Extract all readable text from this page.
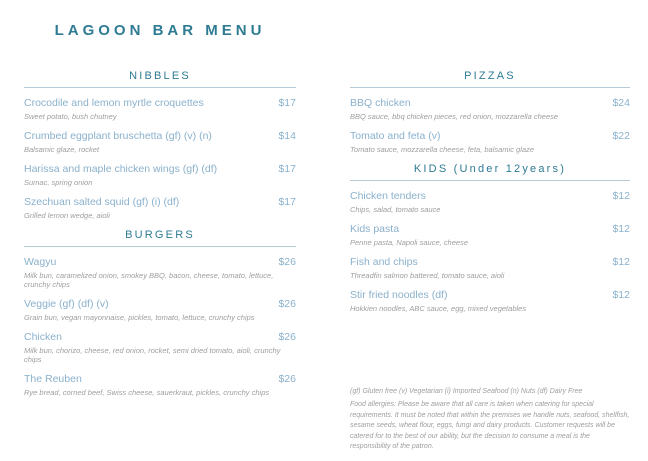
LAGOON BAR MENU
NIBBLES
Crocodile and lemon myrtle croquettes	$17
Sweet potato, bush chutney
Crumbed eggplant bruschetta (gf) (v) (n)	$14
Balsamic glaze, rocket
Harissa and maple chicken wings (gf) (df)	$17
Sumac, spring onion
Szechuan salted squid (gf) (i) (df)	$17
Grilled lemon wedge, aioli
BURGERS
Wagyu	$26
Milk bun, caramelized onion, smokey BBQ, bacon, cheese, tomato, lettuce, crunchy chips
Veggie (gf) (df) (v)	$26
Grain bun, vegan mayonnaise, pickles, tomato, lettuce, crunchy chips
Chicken	$26
Milk bun, chorizo, cheese, red onion, rocket, semi dried tomato, aioli, crunchy chips
The Reuben	$26
Rye bread, corned beef, Swiss cheese, sauerkraut, pickles, crunchy chips
PIZZAS
BBQ chicken	$24
BBQ sauce, bbq chicken pieces, red onion, mozzarella cheese
Tomato and feta (v)	$22
Tomato sauce, mozzarella cheese, feta, balsamic glaze
KIDS (Under 12years)
Chicken tenders	$12
Chips, salad, tomato sauce
Kids pasta	$12
Penne pasta, Napoli sauce, cheese
Fish and chips	$12
Threadfin salmon battered, tomato sauce, aioli
Stir fried noodles (df)	$12
Hokkien noodles, ABC sauce, egg, mixed vegetables

(gf) Gluten free (v) Vegetarian (i) Imported Seafood (n) Nuts (df) Dairy Free

Food allergies: Please be aware that all care is taken when catering for special requirements. It must be noted that within the premises we handle nuts, seafood, shellfish, sesame seeds, wheat flour, eggs, fungi and dairy products. Customer requests will be catered for to the best of our ability, but the decision to consume a meal is the responsibility of the patron.
